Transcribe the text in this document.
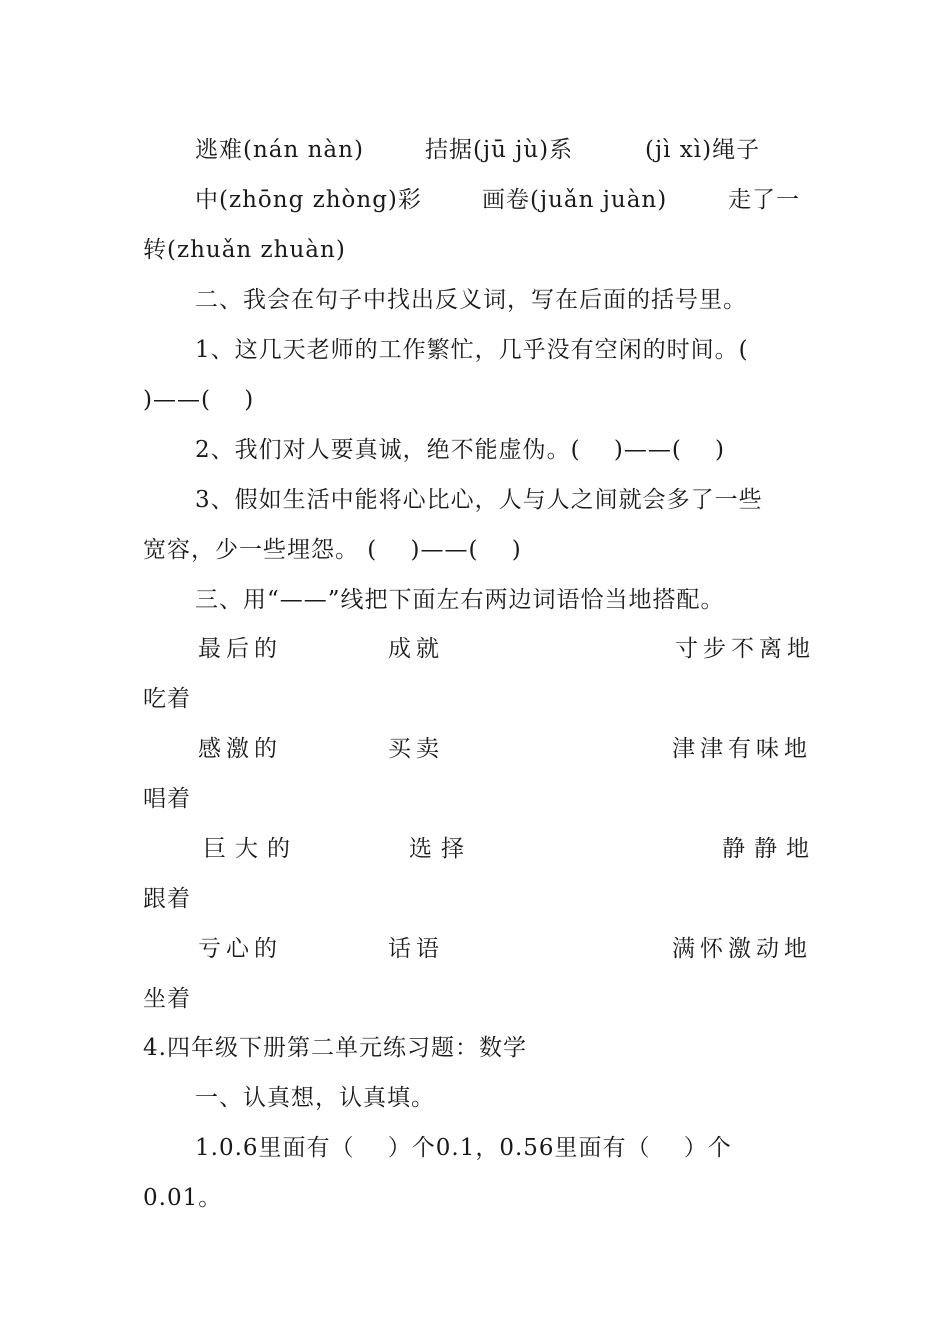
逃难(nán nàn)	拮据(jū jù)系	(jì xì)绳子
中(zhōng zhòng)彩	画卷(juǎn juàn)	走了一
转(zhuǎn zhuàn)
二、我会在句子中找出反义词，写在后面的括号里。
1、这几天老师的工作繁忙，几乎没有空闲的时间。(
)——(    )
2、我们对人要真诚，绝不能虚伪。(    )——(    )
3、假如生活中能将心比心，人与人之间就会多了一些
宽容，少一些埋怨。 (    )——(    )
三、用“——”线把下面左右两边词语恰当地搭配。
最后的	成就	寸步不离地
吃着
感激的	买卖	津津有味地
唱着
巨大的	选择	静静地
跟着
亏心的	话语	满怀激动地
坐着
4.四年级下册第二单元练习题：数学
一、认真想，认真填。
1.0.6里面有（    ）个0.1，0.56里面有（    ）个
0.01。
